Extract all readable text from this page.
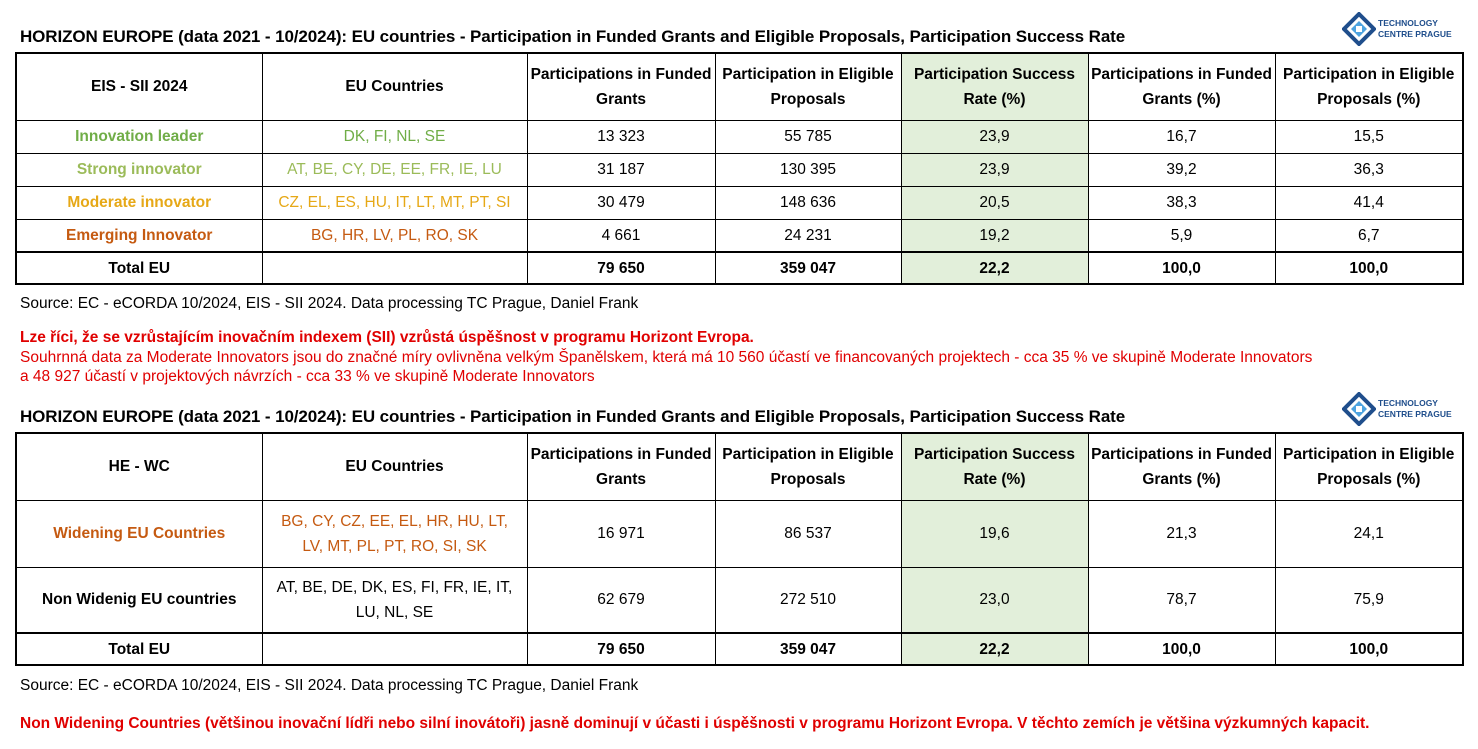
HORIZON EUROPE (data 2021 - 10/2024): EU countries - Participation in Funded Grants and Eligible Proposals, Participation Success Rate
TECHNOLOGY
CENTRE PRAGUE
EIS - SII 2024	EU Countries	Participations in Funded Grants	Participation in Eligible Proposals	Participation Success Rate (%)	Participations in Funded Grants (%)	Participation in Eligible Proposals (%)
Innovation leader	DK, FI, NL, SE	13 323	55 785	23,9	16,7	15,5
Strong innovator	AT, BE, CY, DE, EE, FR, IE, LU	31 187	130 395	23,9	39,2	36,3
Moderate innovator	CZ, EL, ES, HU, IT, LT, MT, PT, SI	30 479	148 636	20,5	38,3	41,4
Emerging Innovator	BG, HR, LV, PL, RO, SK	4 661	24 231	19,2	5,9	6,7
Total EU		79 650	359 047	22,2	100,0	100,0
Source: EC - eCORDA 10/2024, EIS - SII 2024. Data processing TC Prague, Daniel Frank
Lze říci, že se vzrůstajícím inovačním indexem (SII) vzrůstá úspěšnost v programu Horizont Evropa.
Souhrnná data za Moderate Innovators jsou do značné míry ovlivněna velkým Španělskem, která má 10 560 účastí ve financovaných projektech - cca 35 % ve skupině Moderate Innovators
a 48 927 účastí v projektových návrzích - cca 33 % ve skupině Moderate Innovators
HORIZON EUROPE (data 2021 - 10/2024): EU countries - Participation in Funded Grants and Eligible Proposals, Participation Success Rate
TECHNOLOGY
CENTRE PRAGUE
HE - WC	EU Countries	Participations in Funded Grants	Participation in Eligible Proposals	Participation Success Rate (%)	Participations in Funded Grants (%)	Participation in Eligible Proposals (%)
Widening EU Countries	BG, CY, CZ, EE, EL, HR, HU, LT,
LV, MT, PL, PT, RO, SI, SK	16 971	86 537	19,6	21,3	24,1
Non Widenig EU countries	AT, BE, DE, DK, ES, FI, FR, IE, IT,
LU, NL, SE	62 679	272 510	23,0	78,7	75,9
Total EU		79 650	359 047	22,2	100,0	100,0
Source: EC - eCORDA 10/2024, EIS - SII 2024. Data processing TC Prague, Daniel Frank
Non Widening Countries (většinou inovační lídři nebo silní inovátoři) jasně dominují v účasti i úspěšnosti v programu Horizont Evropa. V těchto zemích je většina výzkumných kapacit.
